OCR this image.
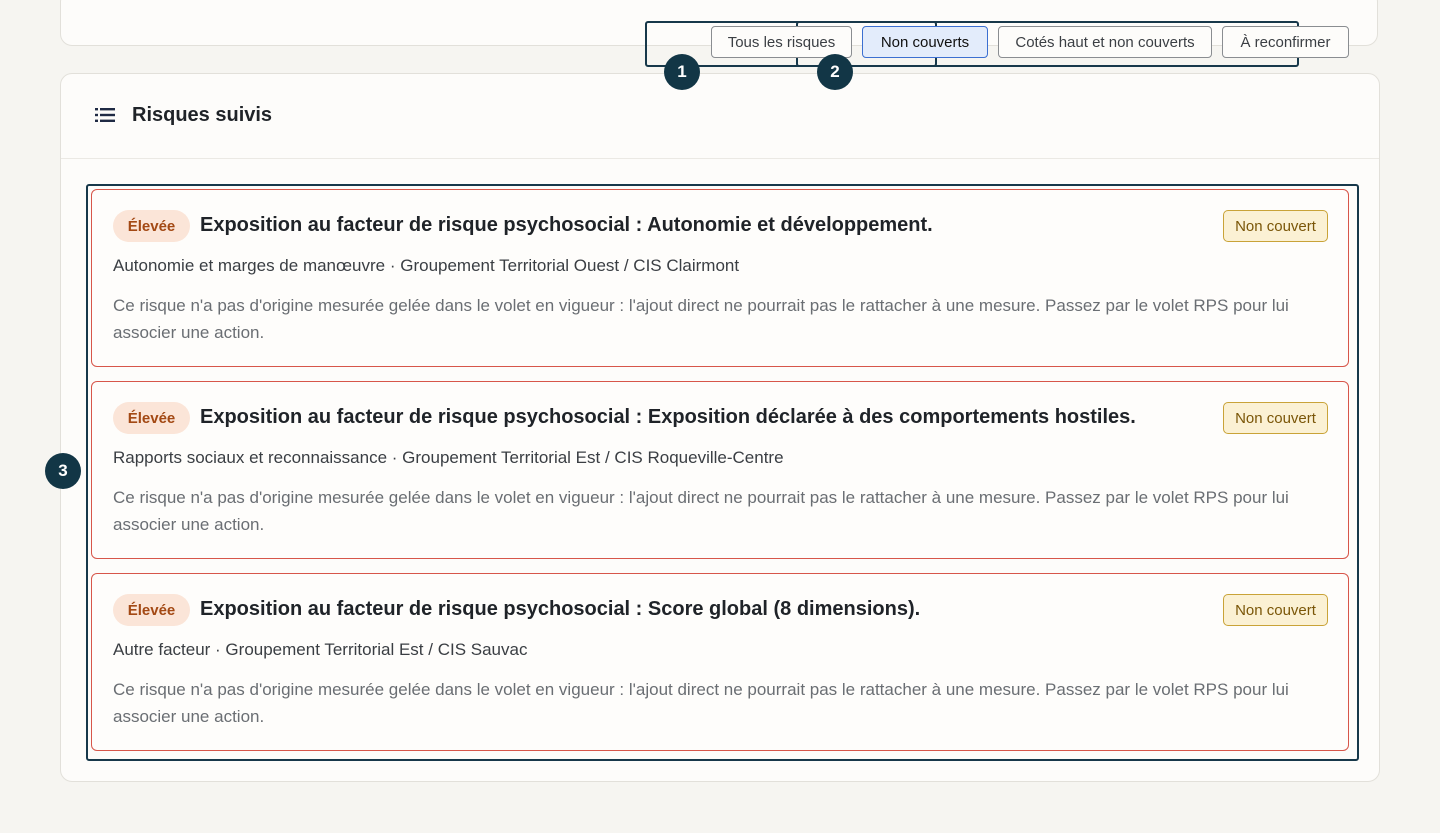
Risques suivis
Tous les risques	Non couverts	Cotés haut et non couverts	À reconfirmer
1	2
3
Élevée	Exposition au facteur de risque psychosocial : Autonomie et développement.	Non couvert
Autonomie et marges de manœuvre · Groupement Territorial Ouest / CIS Clairmont
Ce risque n'a pas d'origine mesurée gelée dans le volet en vigueur : l'ajout direct ne pourrait pas le rattacher à une mesure. Passez par le volet RPS pour lui associer une action.
Élevée	Exposition au facteur de risque psychosocial : Exposition déclarée à des comportements hostiles.	Non couvert
Rapports sociaux et reconnaissance · Groupement Territorial Est / CIS Roqueville-Centre
Ce risque n'a pas d'origine mesurée gelée dans le volet en vigueur : l'ajout direct ne pourrait pas le rattacher à une mesure. Passez par le volet RPS pour lui associer une action.
Élevée	Exposition au facteur de risque psychosocial : Score global (8 dimensions).	Non couvert
Autre facteur · Groupement Territorial Est / CIS Sauvac
Ce risque n'a pas d'origine mesurée gelée dans le volet en vigueur : l'ajout direct ne pourrait pas le rattacher à une mesure. Passez par le volet RPS pour lui associer une action.
